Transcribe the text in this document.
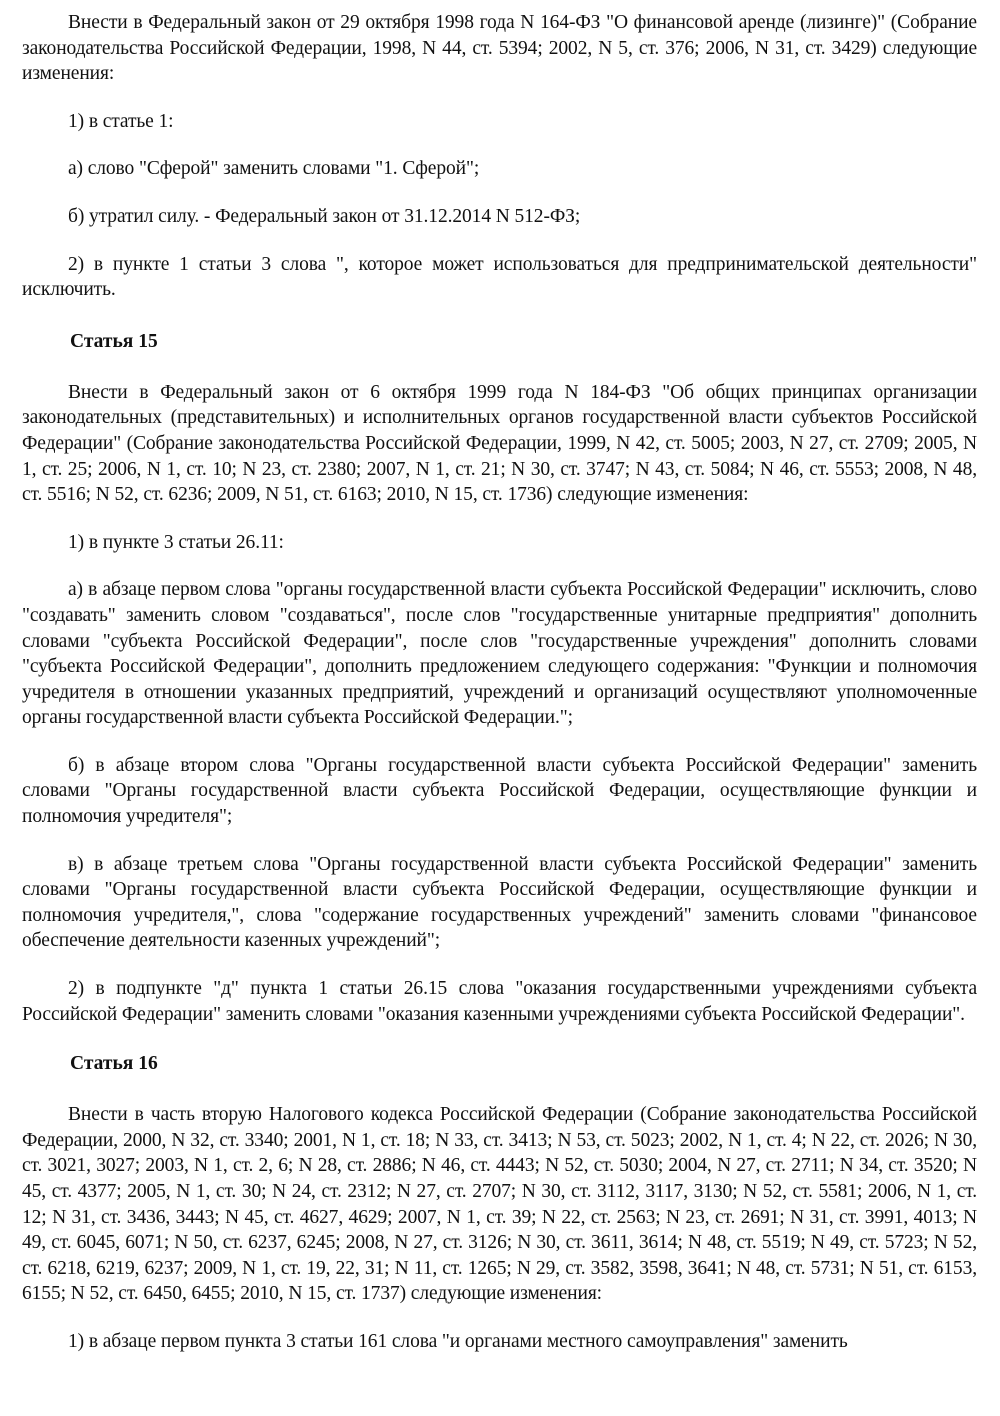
Внести в Федеральный закон от 29 октября 1998 года N 164-ФЗ "О финансовой аренде (лизинге)" (Собрание законодательства Российской Федерации, 1998, N 44, ст. 5394; 2002, N 5, ст. 376; 2006, N 31, ст. 3429) следующие изменения:

1) в статье 1:

а) слово "Сферой" заменить словами "1. Сферой";

б) утратил силу. - Федеральный закон от 31.12.2014 N 512-ФЗ;

2) в пункте 1 статьи 3 слова ", которое может использоваться для предпринимательской деятельности" исключить.

Статья 15

Внести в Федеральный закон от 6 октября 1999 года N 184-ФЗ "Об общих принципах организации законодательных (представительных) и исполнительных органов государственной власти субъектов Российской Федерации" (Собрание законодательства Российской Федерации, 1999, N 42, ст. 5005; 2003, N 27, ст. 2709; 2005, N 1, ст. 25; 2006, N 1, ст. 10; N 23, ст. 2380; 2007, N 1, ст. 21; N 30, ст. 3747; N 43, ст. 5084; N 46, ст. 5553; 2008, N 48, ст. 5516; N 52, ст. 6236; 2009, N 51, ст. 6163; 2010, N 15, ст. 1736) следующие изменения:

1) в пункте 3 статьи 26.11:

а) в абзаце первом слова "органы государственной власти субъекта Российской Федерации" исключить, слово "создавать" заменить словом "создаваться", после слов "государственные унитарные предприятия" дополнить словами "субъекта Российской Федерации", после слов "государственные учреждения" дополнить словами "субъекта Российской Федерации", дополнить предложением следующего содержания: "Функции и полномочия учредителя в отношении указанных предприятий, учреждений и организаций осуществляют уполномоченные органы государственной власти субъекта Российской Федерации.";

б) в абзаце втором слова "Органы государственной власти субъекта Российской Федерации" заменить словами "Органы государственной власти субъекта Российской Федерации, осуществляющие функции и полномочия учредителя";

в) в абзаце третьем слова "Органы государственной власти субъекта Российской Федерации" заменить словами "Органы государственной власти субъекта Российской Федерации, осуществляющие функции и полномочия учредителя,", слова "содержание государственных учреждений" заменить словами "финансовое обеспечение деятельности казенных учреждений";

2) в подпункте "д" пункта 1 статьи 26.15 слова "оказания государственными учреждениями субъекта Российской Федерации" заменить словами "оказания казенными учреждениями субъекта Российской Федерации".

Статья 16

Внести в часть вторую Налогового кодекса Российской Федерации (Собрание законодательства Российской Федерации, 2000, N 32, ст. 3340; 2001, N 1, ст. 18; N 33, ст. 3413; N 53, ст. 5023; 2002, N 1, ст. 4; N 22, ст. 2026; N 30, ст. 3021, 3027; 2003, N 1, ст. 2, 6; N 28, ст. 2886; N 46, ст. 4443; N 52, ст. 5030; 2004, N 27, ст. 2711; N 34, ст. 3520; N 45, ст. 4377; 2005, N 1, ст. 30; N 24, ст. 2312; N 27, ст. 2707; N 30, ст. 3112, 3117, 3130; N 52, ст. 5581; 2006, N 1, ст. 12; N 31, ст. 3436, 3443; N 45, ст. 4627, 4629; 2007, N 1, ст. 39; N 22, ст. 2563; N 23, ст. 2691; N 31, ст. 3991, 4013; N 49, ст. 6045, 6071; N 50, ст. 6237, 6245; 2008, N 27, ст. 3126; N 30, ст. 3611, 3614; N 48, ст. 5519; N 49, ст. 5723; N 52, ст. 6218, 6219, 6237; 2009, N 1, ст. 19, 22, 31; N 11, ст. 1265; N 29, ст. 3582, 3598, 3641; N 48, ст. 5731; N 51, ст. 6153, 6155; N 52, ст. 6450, 6455; 2010, N 15, ст. 1737) следующие изменения:

1) в абзаце первом пункта 3 статьи 161 слова "и органами местного самоуправления" заменить
